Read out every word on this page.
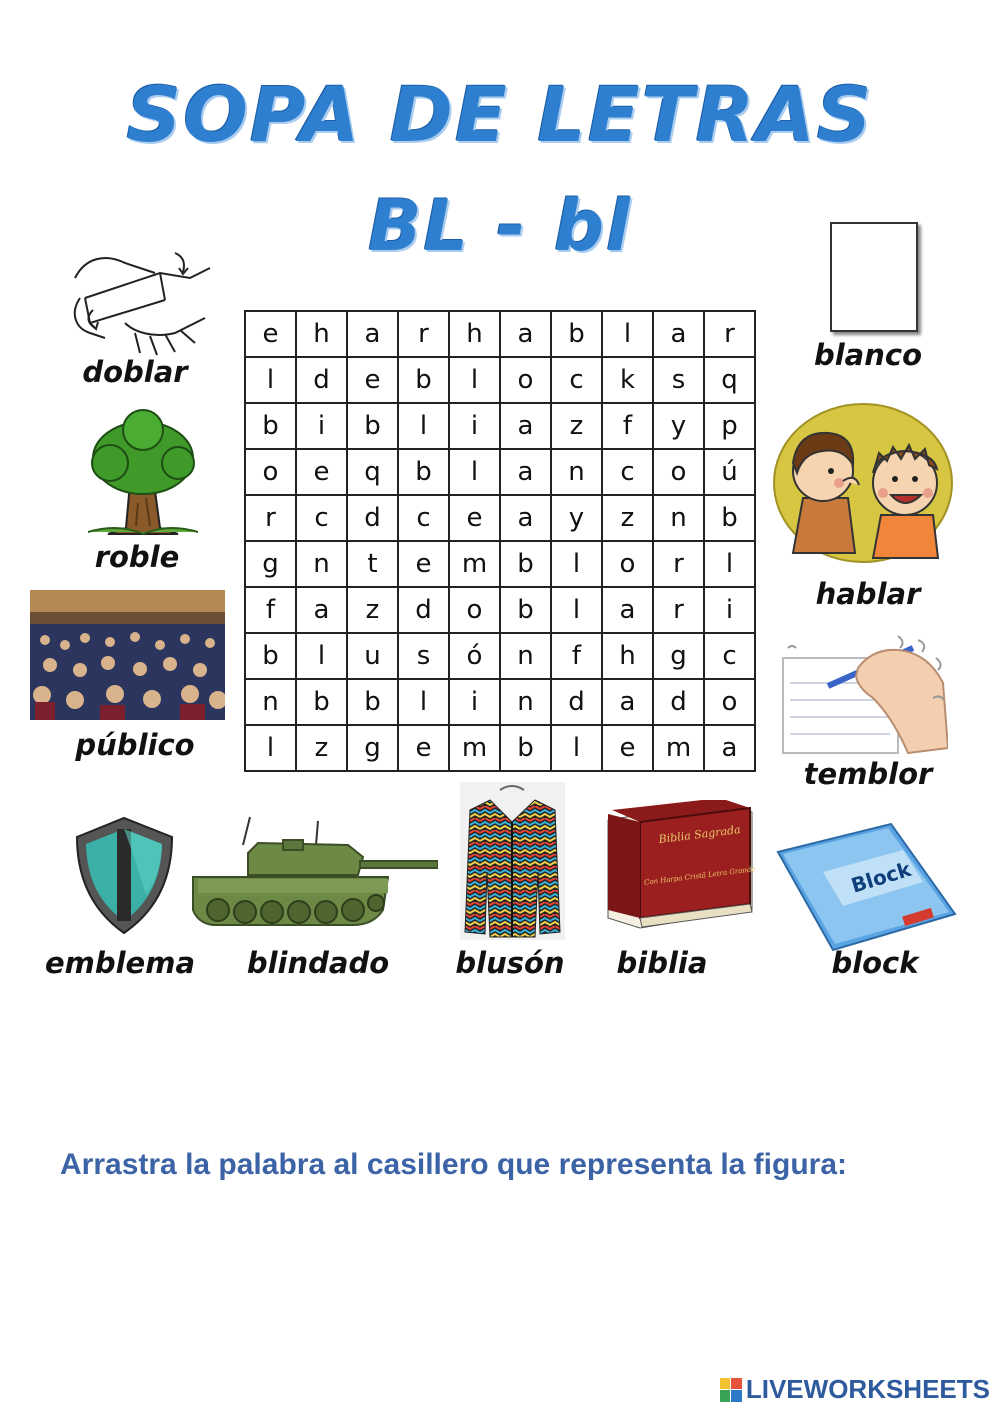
SOPA DE LETRAS
BL - bl
doblar
roble
público
e	h	a	r	h	a	b	l	a	r
l	d	e	b	l	o	c	k	s	q
b	i	b	l	i	a	z	f	y	p
o	e	q	b	l	a	n	c	o	ú
r	c	d	c	e	a	y	z	n	b
g	n	t	e	m	b	l	o	r	l
f	a	z	d	o	b	l	a	r	i
b	l	u	s	ó	n	f	h	g	c
n	b	b	l	i	n	d	a	d	o
l	z	g	e	m	b	l	e	m	a
blanco
hablar
temblor
emblema	blindado	blusón
Biblia Sagrada
Con Harpa Cristã Letra Grande
biblia
Block
block
Arrastra la palabra al casillero que representa la figura:
LIVEWORKSHEETS
